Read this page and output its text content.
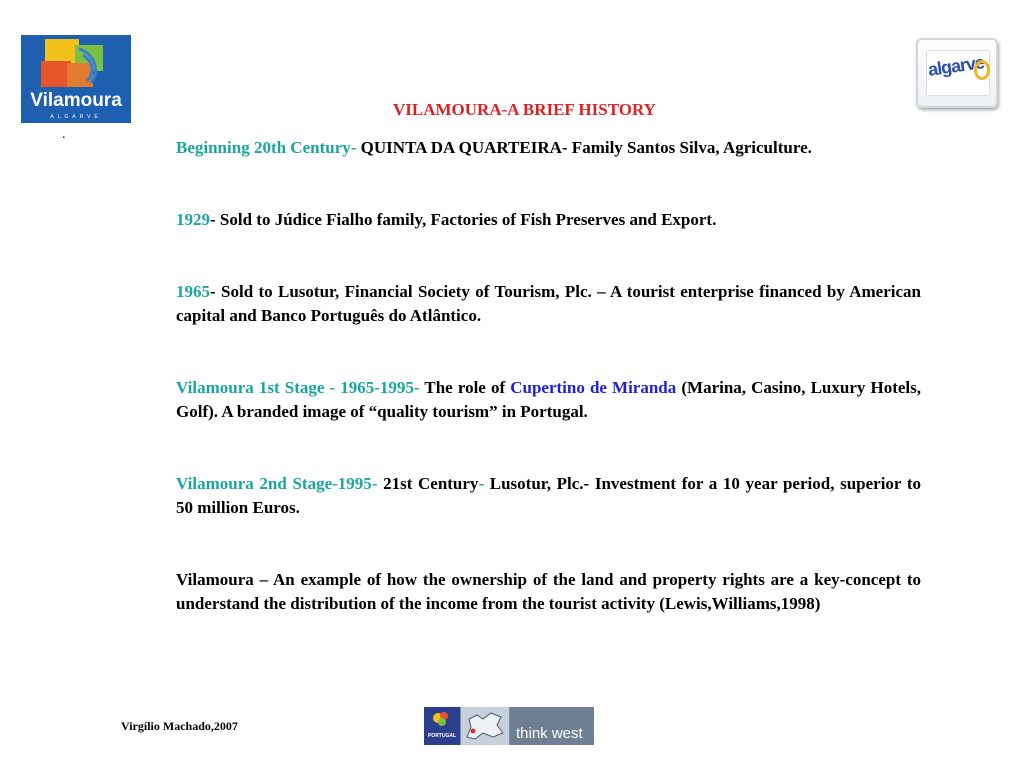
Vilamoura
ALGARVE
.
algarve
VILAMOURA-A BRIEF HISTORY

Beginning 20th Century- QUINTA DA QUARTEIRA- Family Santos Silva, Agriculture.

1929- Sold to Júdice Fialho family, Factories of Fish Preserves and Export.

1965- Sold to Lusotur, Financial Society of Tourism, Plc. – A tourist enterprise financed by American capital and Banco Português do Atlântico.

Vilamoura 1st Stage - 1965-1995- The role of Cupertino de Miranda (Marina, Casino, Luxury Hotels, Golf). A branded image of “quality tourism” in Portugal.

Vilamoura 2nd Stage-1995- 21st Century- Lusotur, Plc.- Investment for a 10 year period, superior to 50 million Euros.

Vilamoura – An example of how the ownership of the land and property rights are a key-concept to understand the distribution of the income from the tourist activity (Lewis,Williams,1998)

Virgílio Machado,2007
PORTUGAL	think west
